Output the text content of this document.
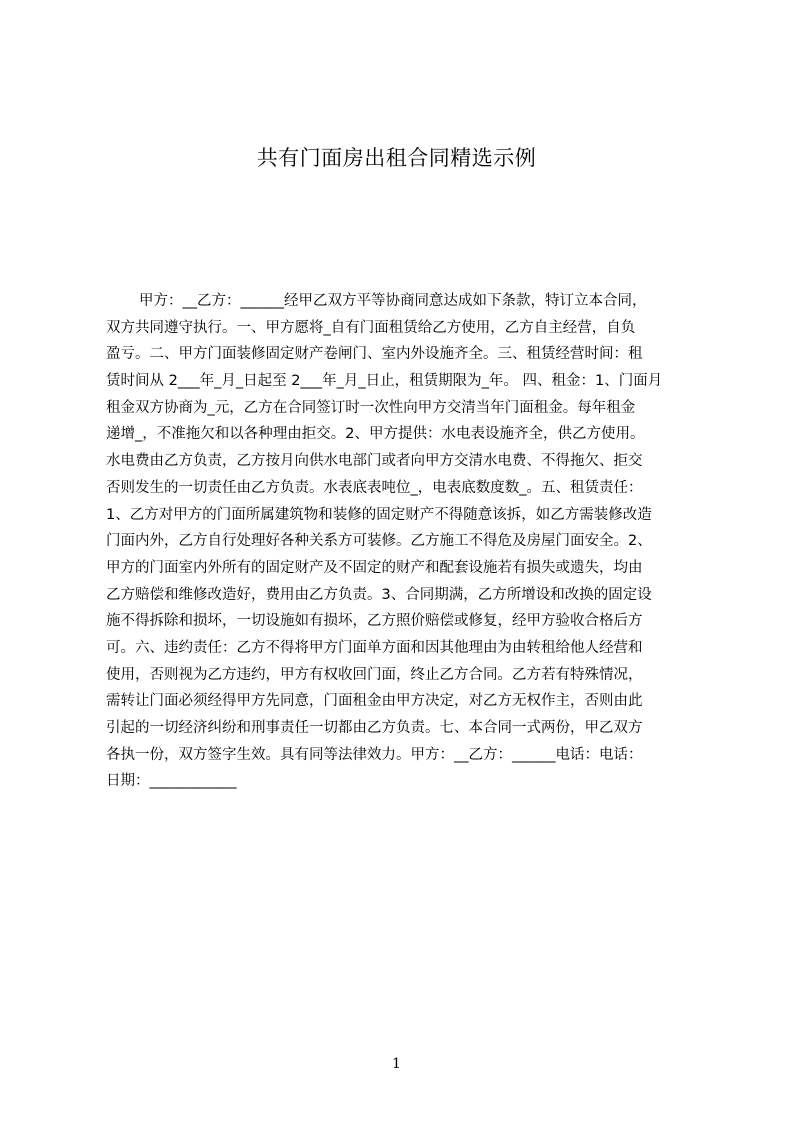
共有门面房出租合同精选示例
甲方：__乙方：______经甲乙双方平等协商同意达成如下条款，特订立本合同，
双方共同遵守执行。一、甲方愿将_自有门面租赁给乙方使用，乙方自主经营，自负
盈亏。二、甲方门面装修固定财产卷闸门、室内外设施齐全。三、租赁经营时间：租
赁时间从 2___年_月_日起至 2___年_月_日止，租赁期限为_年。 四、租金：1、门面月
租金双方协商为_元，乙方在合同签订时一次性向甲方交清当年门面租金。每年租金
递增_，不准拖欠和以各种理由拒交。2、甲方提供：水电表设施齐全，供乙方使用。
水电费由乙方负责，乙方按月向供水电部门或者向甲方交清水电费、不得拖欠、拒交
否则发生的一切责任由乙方负责。水表底表吨位_，电表底数度数_。五、租赁责任：
1、乙方对甲方的门面所属建筑物和装修的固定财产不得随意该拆，如乙方需装修改造
门面内外，乙方自行处理好各种关系方可装修。乙方施工不得危及房屋门面安全。2、
甲方的门面室内外所有的固定财产及不固定的财产和配套设施若有损失或遗失，均由
乙方赔偿和维修改造好，费用由乙方负责。3、合同期满，乙方所增设和改换的固定设
施不得拆除和损坏，一切设施如有损坏，乙方照价赔偿或修复，经甲方验收合格后方
可。六、违约责任：乙方不得将甲方门面单方面和因其他理由为由转租给他人经营和
使用，否则视为乙方违约，甲方有权收回门面，终止乙方合同。乙方若有特殊情况，
需转让门面必须经得甲方先同意，门面租金由甲方决定，对乙方无权作主，否则由此
引起的一切经济纠纷和刑事责任一切都由乙方负责。七、本合同一式两份，甲乙双方
各执一份，双方签字生效。具有同等法律效力。甲方：__乙方：______电话：电话：
日期：____________
1
